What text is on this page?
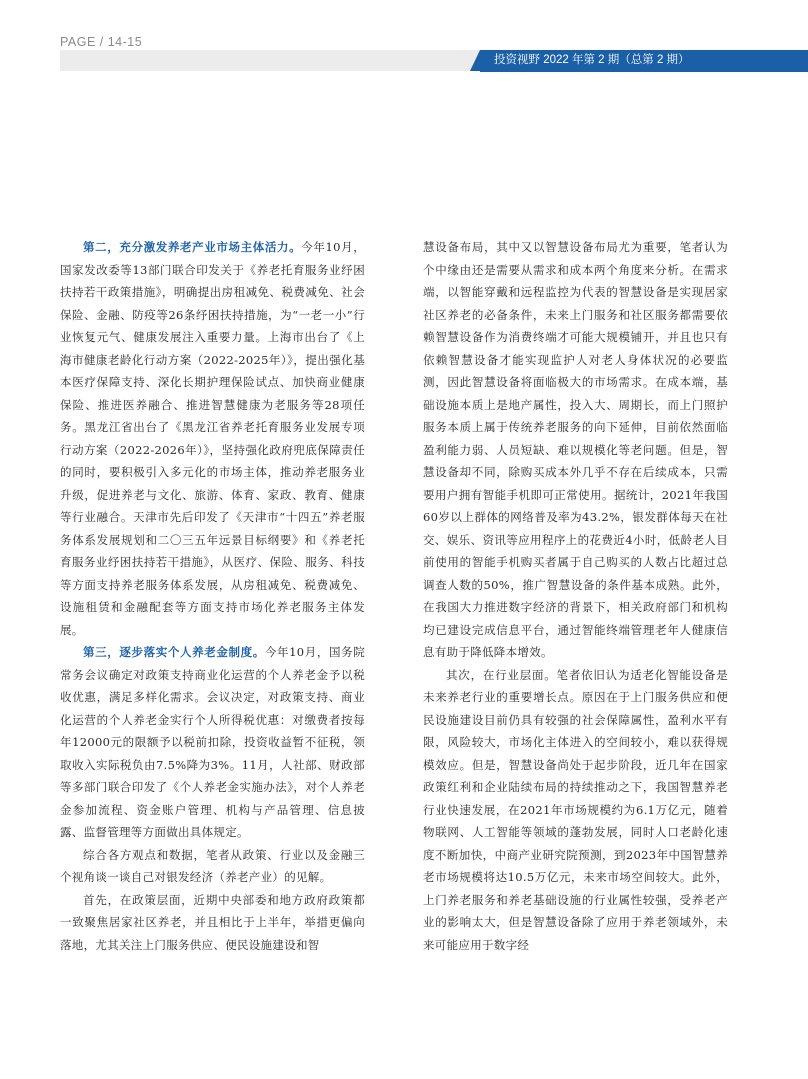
PAGE / 14-15
投资视野 2022 年第 2 期（总第 2 期）

第二，充分激发养老产业市场主体活力。今年10月，国家发改委等13部门联合印发关于《养老托育服务业纾困扶持若干政策措施》，明确提出房租减免、税费减免、社会保险、金融、防疫等26条纾困扶持措施，为“一老一小”行业恢复元气、健康发展注入重要力量。上海市出台了《上海市健康老龄化行动方案（2022-2025年）》，提出强化基本医疗保障支持、深化长期护理保险试点、加快商业健康保险、推进医养融合、推进智慧健康为老服务等28项任务。黑龙江省出台了《黑龙江省养老托育服务业发展专项行动方案（2022-2026年）》，坚持强化政府兜底保障责任的同时，要积极引入多元化的市场主体，推动养老服务业升级，促进养老与文化、旅游、体育、家政、教育、健康等行业融合。天津市先后印发了《天津市“十四五”养老服务体系发展规划和二〇三五年远景目标纲要》和《养老托育服务业纾困扶持若干措施》，从医疗、保险、服务、科技等方面支持养老服务体系发展，从房租减免、税费减免、设施租赁和金融配套等方面支持市场化养老服务主体发展。

第三，逐步落实个人养老金制度。今年10月，国务院常务会议确定对政策支持商业化运营的个人养老金予以税收优惠，满足多样化需求。会议决定，对政策支持、商业化运营的个人养老金实行个人所得税优惠：对缴费者按每年12000元的限额予以税前扣除，投资收益暂不征税，领取收入实际税负由7.5%降为3%。11月，人社部、财政部等多部门联合印发了《个人养老金实施办法》，对个人养老金参加流程、资金账户管理、机构与产品管理、信息披露、监督管理等方面做出具体规定。

综合各方观点和数据，笔者从政策、行业以及金融三个视角谈一谈自己对银发经济（养老产业）的见解。

首先，在政策层面，近期中央部委和地方政府政策都一致聚焦居家社区养老，并且相比于上半年，举措更偏向落地，尤其关注上门服务供应、便民设施建设和智

慧设备布局，其中又以智慧设备布局尤为重要，笔者认为个中缘由还是需要从需求和成本两个角度来分析。在需求端，以智能穿戴和远程监控为代表的智慧设备是实现居家社区养老的必备条件，未来上门服务和社区服务都需要依赖智慧设备作为消费终端才可能大规模铺开，并且也只有依赖智慧设备才能实现监护人对老人身体状况的必要监测，因此智慧设备将面临极大的市场需求。在成本端，基础设施本质上是地产属性，投入大、周期长，而上门照护服务本质上属于传统养老服务的向下延伸，目前依然面临盈利能力弱、人员短缺、难以规模化等老问题。但是，智慧设备却不同，除购买成本外几乎不存在后续成本，只需要用户拥有智能手机即可正常使用。据统计，2021年我国60岁以上群体的网络普及率为43.2%，银发群体每天在社交、娱乐、资讯等应用程序上的花费近4小时，低龄老人目前使用的智能手机购买者属于自己购买的人数占比超过总调查人数的50%，推广智慧设备的条件基本成熟。此外，在我国大力推进数字经济的背景下，相关政府部门和机构均已建设完成信息平台，通过智能终端管理老年人健康信息有助于降低降本增效。

其次，在行业层面。笔者依旧认为适老化智能设备是未来养老行业的重要增长点。原因在于上门服务供应和便民设施建设目前仍具有较强的社会保障属性，盈利水平有限，风险较大，市场化主体进入的空间较小，难以获得规模效应。但是，智慧设备尚处于起步阶段，近几年在国家政策红利和企业陆续布局的持续推动之下，我国智慧养老行业快速发展，在2021年市场规模约为6.1万亿元，随着物联网、人工智能等领域的蓬勃发展，同时人口老龄化速度不断加快，中商产业研究院预测，到2023年中国智慧养老市场规模将达10.5万亿元，未来市场空间较大。此外，上门养老服务和养老基础设施的行业属性较强，受养老产业的影响太大，但是智慧设备除了应用于养老领域外，未来可能应用于数字经
